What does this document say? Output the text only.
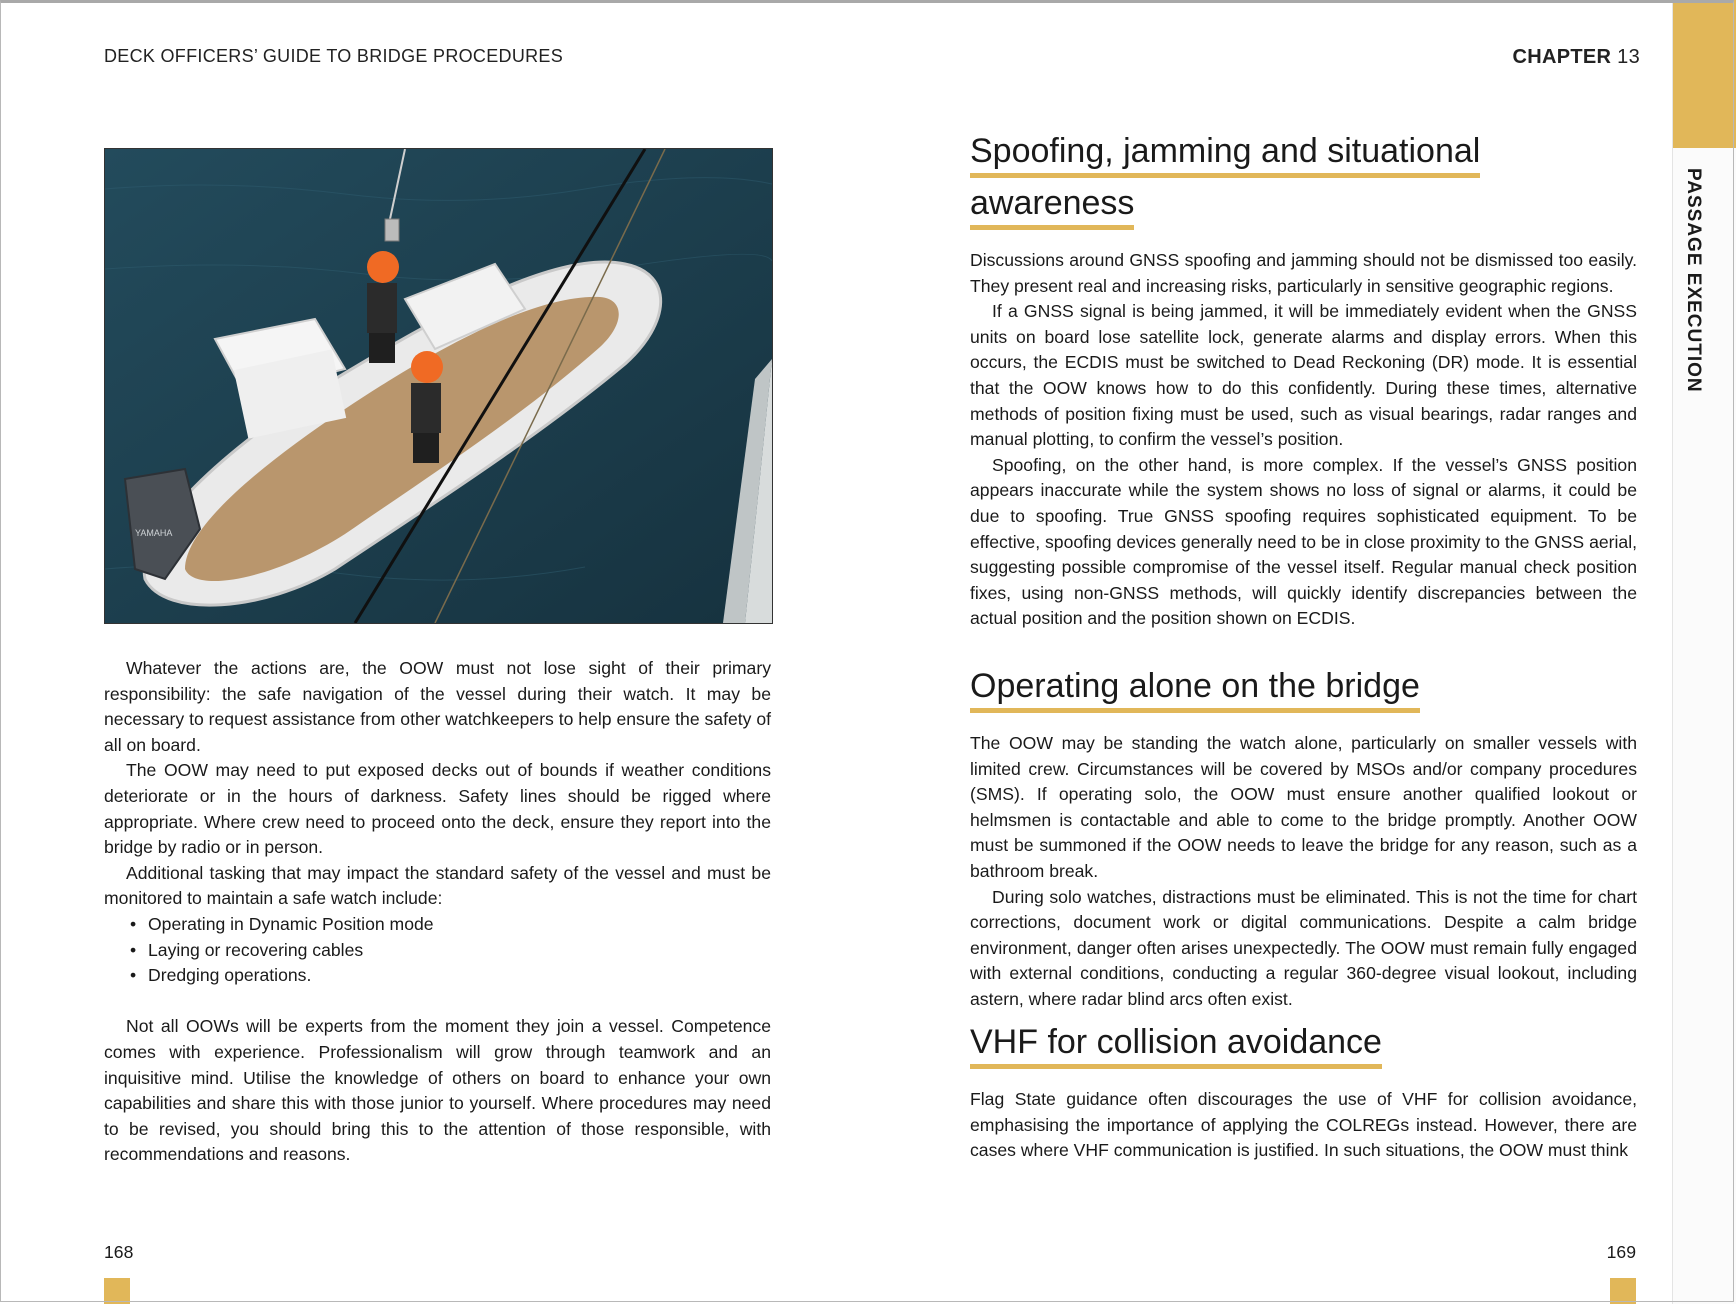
DECK OFFICERS’ GUIDE TO BRIDGE PROCEDURES
YAMAHA

Whatever the actions are, the OOW must not lose sight of their primary responsibility: the safe navigation of the vessel during their watch. It may be necessary to request assistance from other watchkeepers to help ensure the safety of all on board.

The OOW may need to put exposed decks out of bounds if weather conditions deteriorate or in the hours of darkness. Safety lines should be rigged where appropriate. Where crew need to proceed onto the deck, ensure they report into the bridge by radio or in person.

Additional tasking that may impact the standard safety of the vessel and must be monitored to maintain a safe watch include:

• Operating in Dynamic Position mode
• Laying or recovering cables
• Dredging operations.

Not all OOWs will be experts from the moment they join a vessel. Competence comes with experience. Professionalism will grow through teamwork and an inquisitive mind. Utilise the knowledge of others on board to enhance your own capabilities and share this with those junior to yourself. Where procedures may need to be revised, you should bring this to the attention of those responsible, with recommendations and reasons.

168
CHAPTER 13
Spoofing, jamming and situational
awareness

Discussions around GNSS spoofing and jamming should not be dismissed too easily. They present real and increasing risks, particularly in sensitive geographic regions.

If a GNSS signal is being jammed, it will be immediately evident when the GNSS units on board lose satellite lock, generate alarms and display errors. When this occurs, the ECDIS must be switched to Dead Reckoning (DR) mode. It is essential that the OOW knows how to do this confidently. During these times, alternative methods of position fixing must be used, such as visual bearings, radar ranges and manual plotting, to confirm the vessel’s position.

Spoofing, on the other hand, is more complex. If the vessel’s GNSS position appears inaccurate while the system shows no loss of signal or alarms, it could be due to spoofing. True GNSS spoofing requires sophisticated equipment. To be effective, spoofing devices generally need to be in close proximity to the GNSS aerial, suggesting possible compromise of the vessel itself. Regular manual check position fixes, using non-GNSS methods, will quickly identify discrepancies between the actual position and the position shown on ECDIS.

Operating alone on the bridge

The OOW may be standing the watch alone, particularly on smaller vessels with limited crew. Circumstances will be covered by MSOs and/or company procedures (SMS). If operating solo, the OOW must ensure another qualified lookout or helmsmen is contactable and able to come to the bridge promptly. Another OOW must be summoned if the OOW needs to leave the bridge for any reason, such as a bathroom break.

During solo watches, distractions must be eliminated. This is not the time for chart corrections, document work or digital communications. Despite a calm bridge environment, danger often arises unexpectedly. The OOW must remain fully engaged with external conditions, conducting a regular 360-degree visual lookout, including astern, where radar blind arcs often exist.

VHF for collision avoidance

Flag State guidance often discourages the use of VHF for collision avoidance, emphasising the importance of applying the COLREGs instead. However, there are cases where VHF communication is justified. In such situations, the OOW must think

169
PASSAGE EXECUTION
